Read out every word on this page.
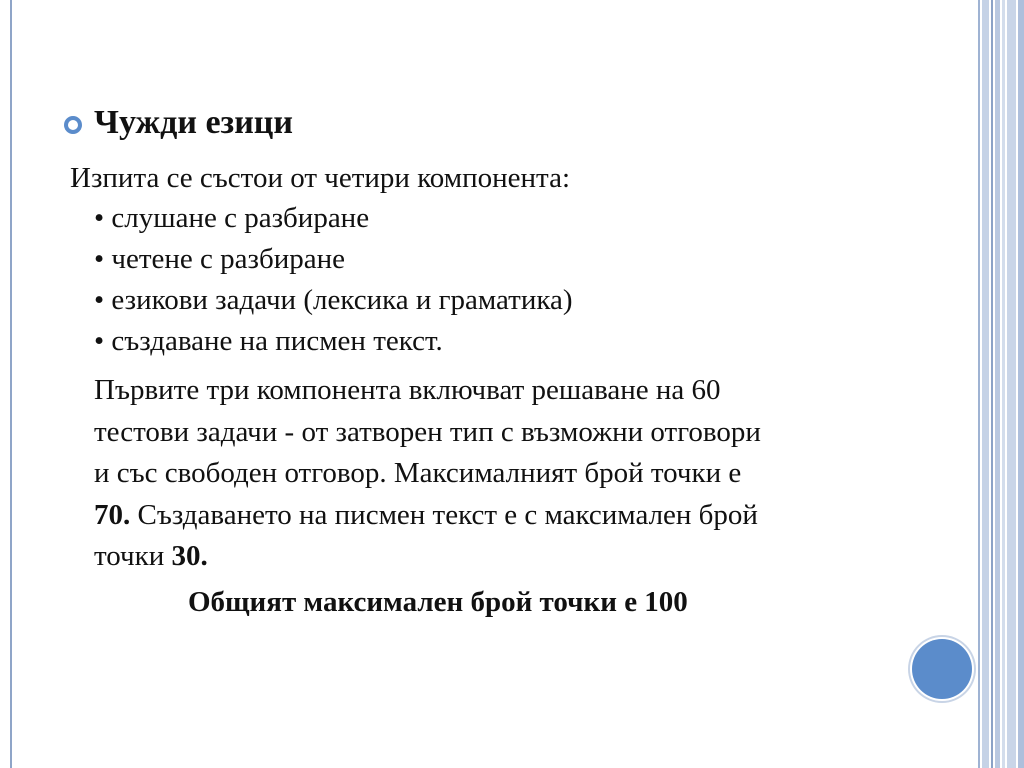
Чужди езици
Изпита се състои от четири компонента:
• слушане с разбиране
• четене с разбиране
• езикови задачи (лексика и граматика)
• създаване на писмен текст.
Първите три компонента включват решаване на 60
тестови задачи - от затворен тип с възможни отговори
и със свободен отговор. Максималният брой точки е
70. Създаването на писмен текст е с максимален брой
точки 30.
Общият максимален брой точки е 100
